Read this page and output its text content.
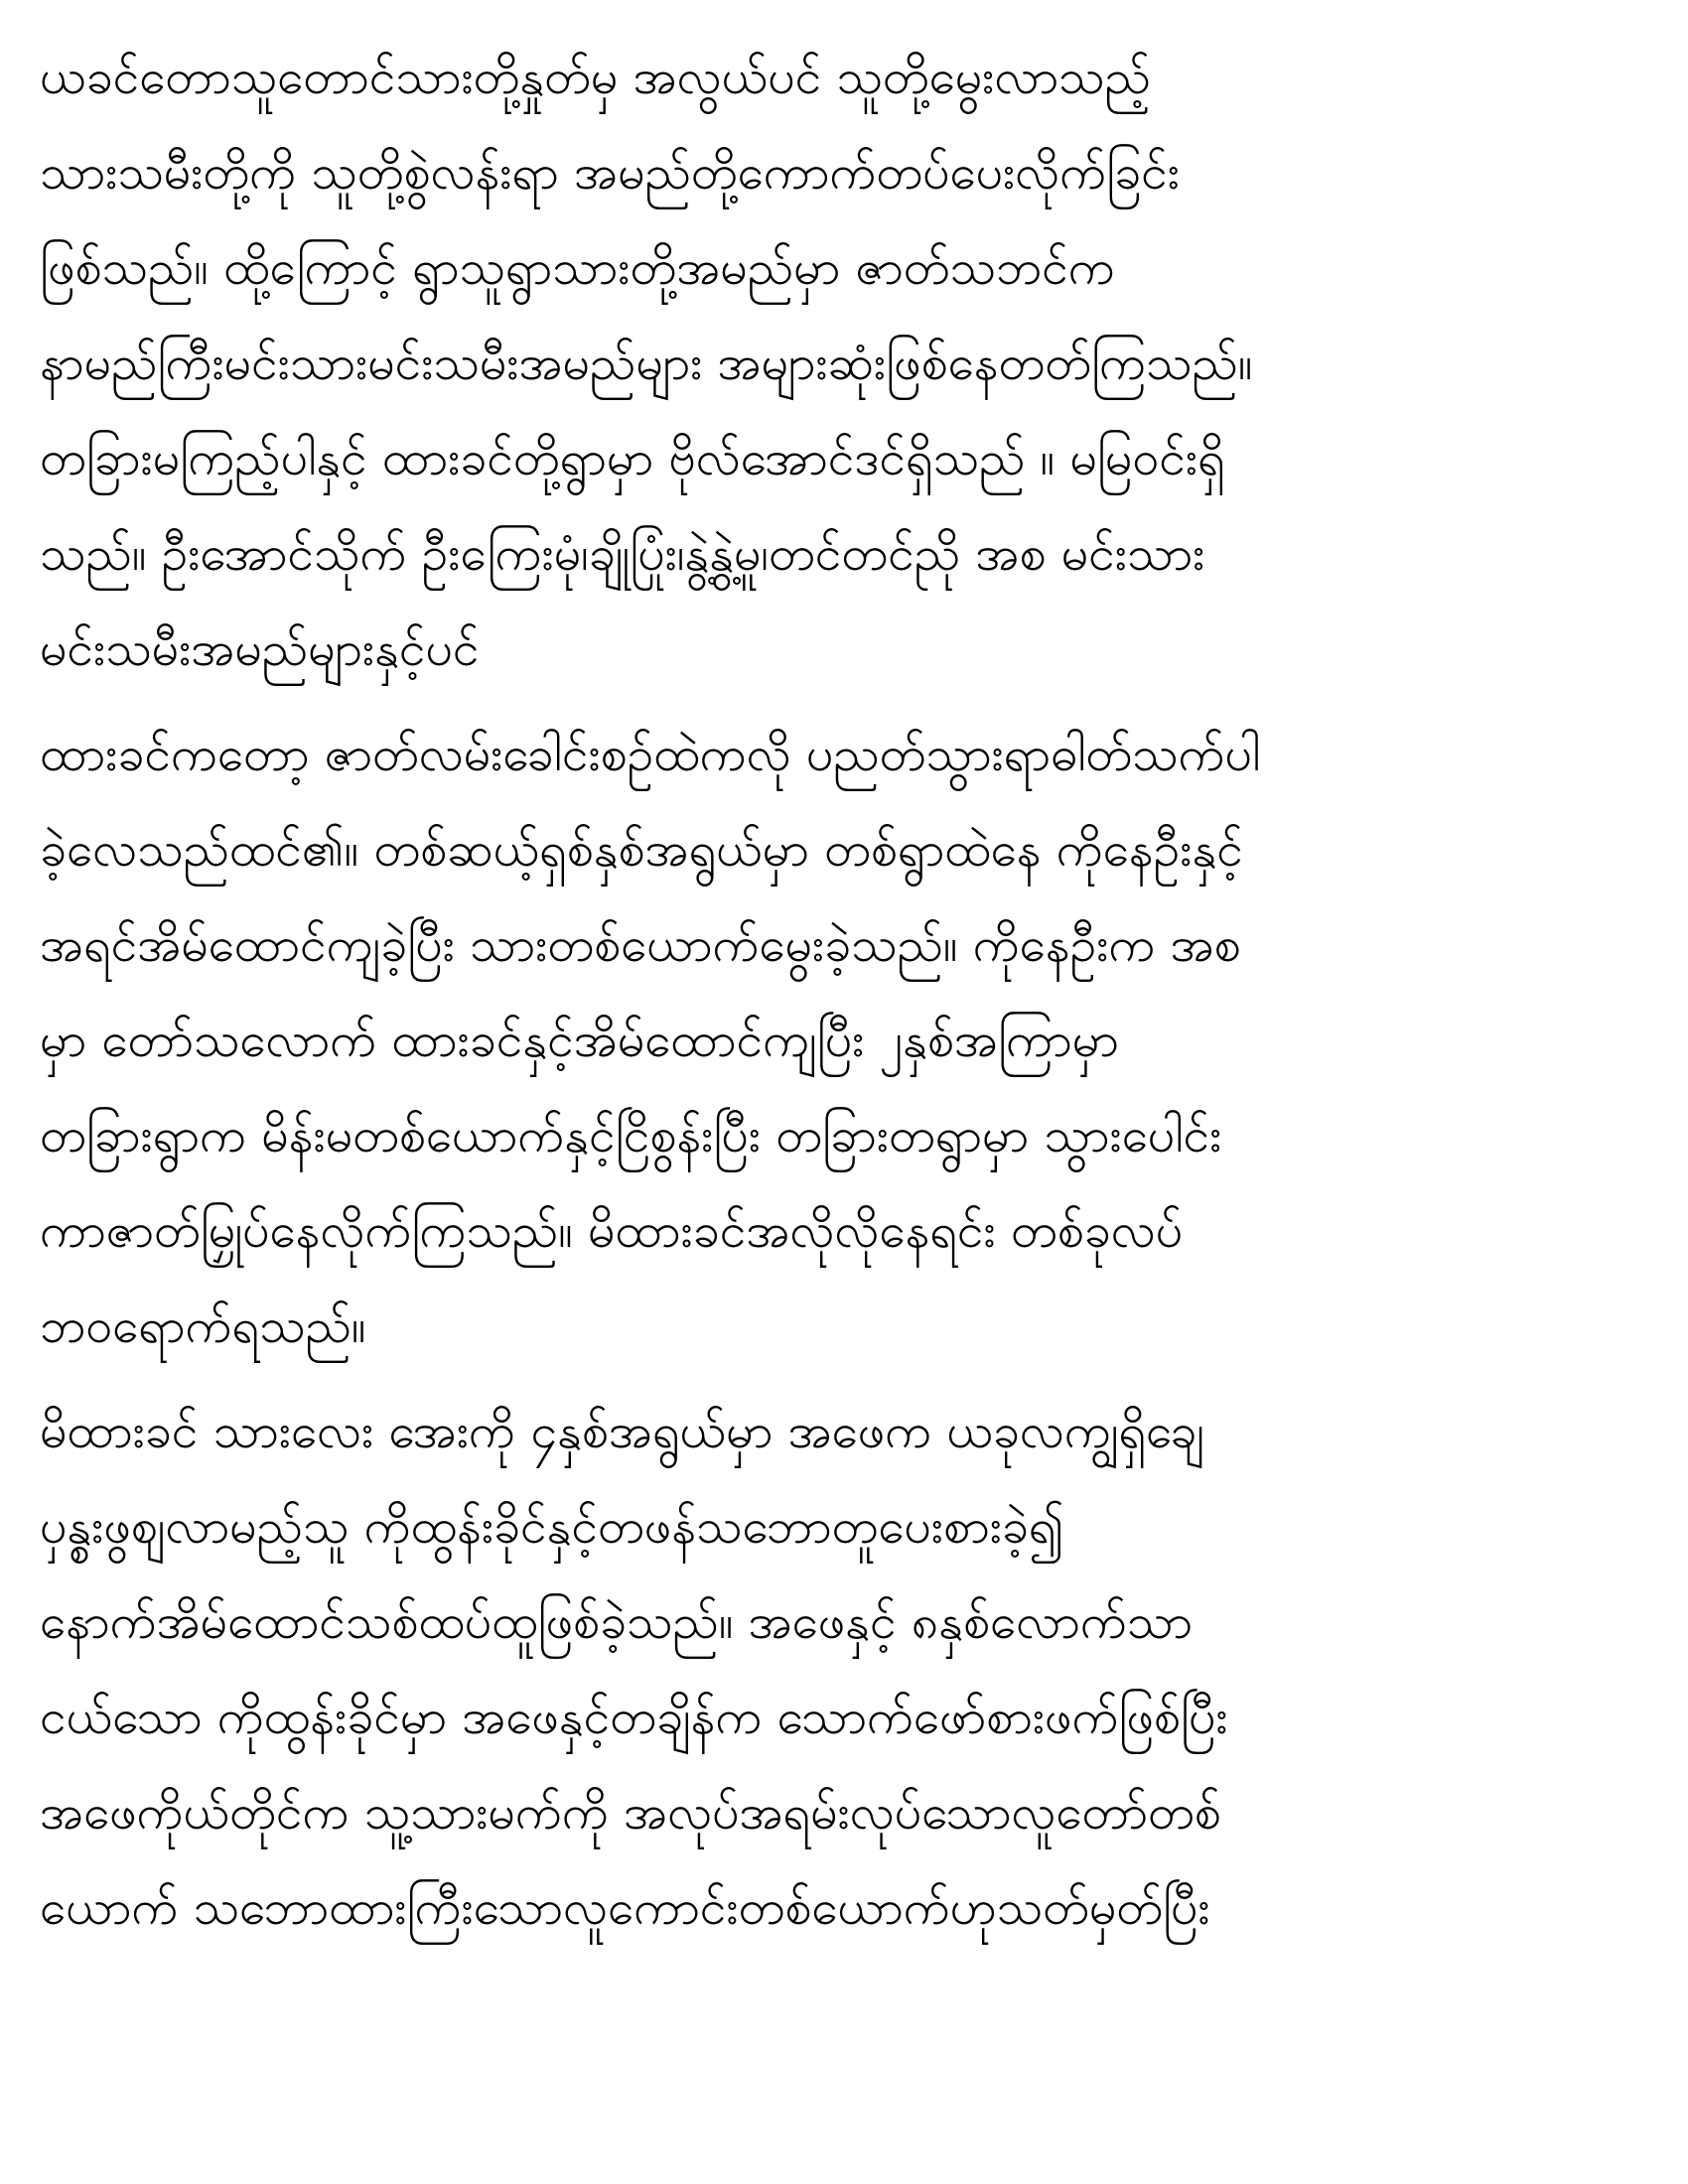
ယခင်တောသူတောင်သားတို့နှုတ်မှ အလွယ်ပင် သူတို့မွေးလာသည့်
သားသမီးတို့ကို သူတို့စွဲလန်းရာ အမည်တို့ကောက်တပ်ပေးလိုက်ခြင်း
ဖြစ်သည်။ ထို့ကြောင့် ရွာသူရွာသားတို့အမည်မှာ ဇာတ်သဘင်က
နာမည်ကြီးမင်းသားမင်းသမီးအမည်များ အများဆုံးဖြစ်နေတတ်ကြသည်။
တခြားမကြည့်ပါနှင့် ထားခင်တို့ရွာမှာ ဗိုလ်အောင်ဒင်ရှိသည် ။ မမြဝင်းရှိ
သည်။ ဦးအောင်သိုက် ဦးကြေးမုံ၊ချိုပြုံး၊နွဲ့နွဲ့မူ၊တင်တင်ညို အစ မင်းသား
မင်းသမီးအမည်များနှင့်ပင်
ထားခင်ကတော့ ဇာတ်လမ်းခေါင်းစဉ်ထဲကလို ပညတ်သွားရာဓါတ်သက်ပါ
ခဲ့လေသည်ထင်၏။ တစ်ဆယ့်ရှစ်နှစ်အရွယ်မှာ တစ်ရွာထဲနေ ကိုနေဦးနှင့်
အရင်အိမ်ထောင်ကျခဲ့ပြီး သားတစ်ယောက်မွေးခဲ့သည်။ ကိုနေဦးက အစ
မှာ တော်သလောက် ထားခင်နှင့်အိမ်ထောင်ကျပြီး ၂နှစ်အကြာမှာ
တခြားရွာက မိန်းမတစ်ယောက်နှင့်ငြိစွန်းပြီး တခြားတရွာမှာ သွားပေါင်း
ကာဇာတ်မြှုပ်နေလိုက်ကြသည်။ မိထားခင်အလိုလိုနေရင်း တစ်ခုလပ်
ဘဝရောက်ရသည်။
မိထားခင် သားလေး အေးကို ၄နှစ်အရွယ်မှာ အဖေက ယခုလကျွရှိချေ
ပှန္စးဖွစျလာမည့်သူ ကိုထွန်းခိုင်နှင့်တဖန်သဘောတူပေးစားခဲ့၍
နောက်အိမ်ထောင်သစ်ထပ်ထူဖြစ်ခဲ့သည်။ အဖေနှင့် ၈နှစ်လောက်သာ
ငယ်သော ကိုထွန်းခိုင်မှာ အဖေနှင့်တချိန်က သောက်ဖော်စားဖက်ဖြစ်ပြီး
အဖေကိုယ်တိုင်က သူ့သားမက်ကို အလုပ်အရမ်းလုပ်သောလူတော်တစ်
ယောက် သဘောထားကြီးသောလူကောင်းတစ်ယောက်ဟုသတ်မှတ်ပြီး
